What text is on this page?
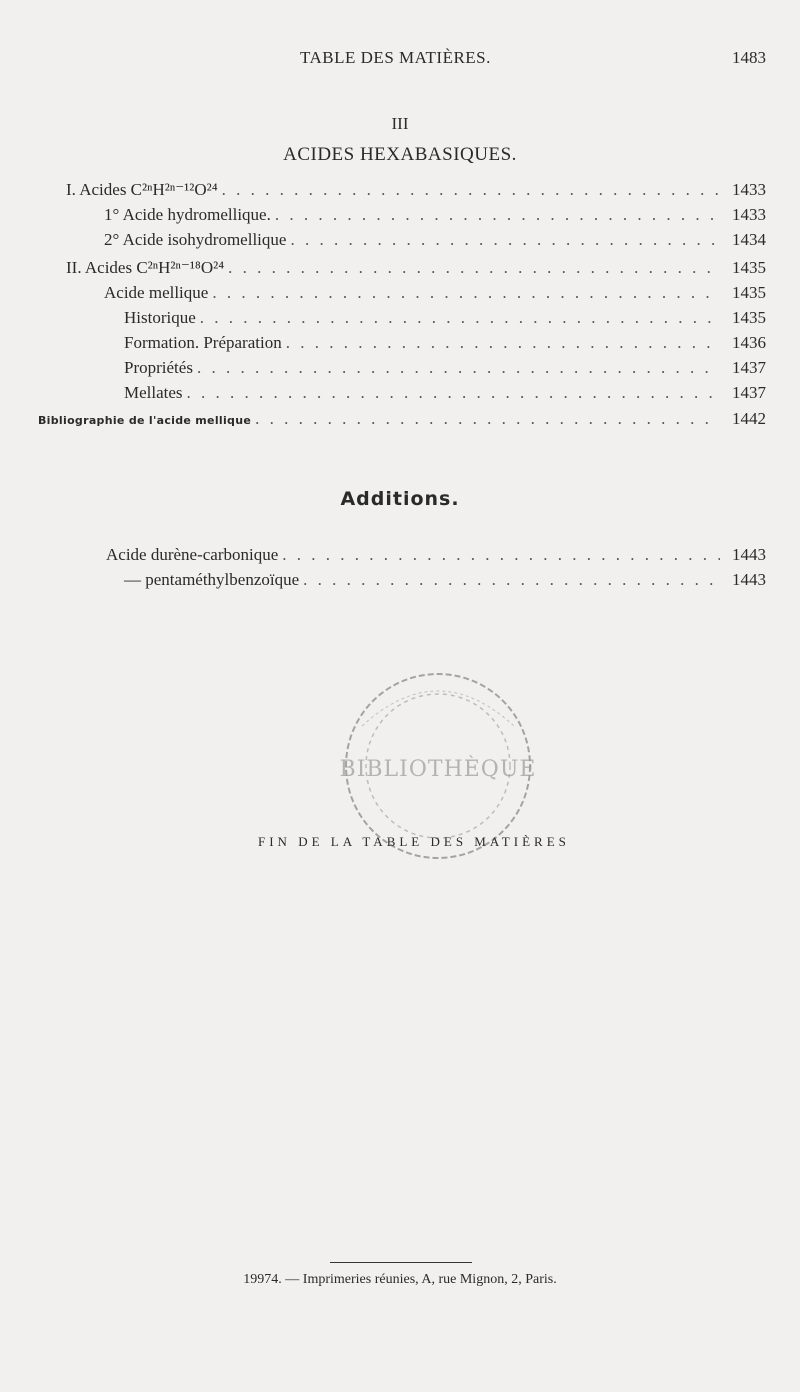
TABLE DES MATIÈRES.	1483
III
ACIDES HEXABASIQUES.
I. Acides C²ⁿH²ⁿ⁻¹²O²⁴ . . .	1433
1° Acide hydromellique. . . .	1433
2° Acide isohydromellique . . .	1434
II. Acides C²ⁿH²ⁿ⁻¹⁸O²⁴ . . .	1435
Acide mellique . . .	1435
Historique . . .	1435
Formation. Préparation . . .	1436
Propriétés . . .	1437
Mellates . . .	1437
Bibliographie de l'acide mellique . . .	1442
Additions.
Acide durène-carbonique . . .	1443
— pentaméthylbenzoïque . . .	1443
BIBLIOTHÈQUE
FIN DE LA TABLE DES MATIÈRES
19974. — Imprimeries réunies, A, rue Mignon, 2, Paris.
